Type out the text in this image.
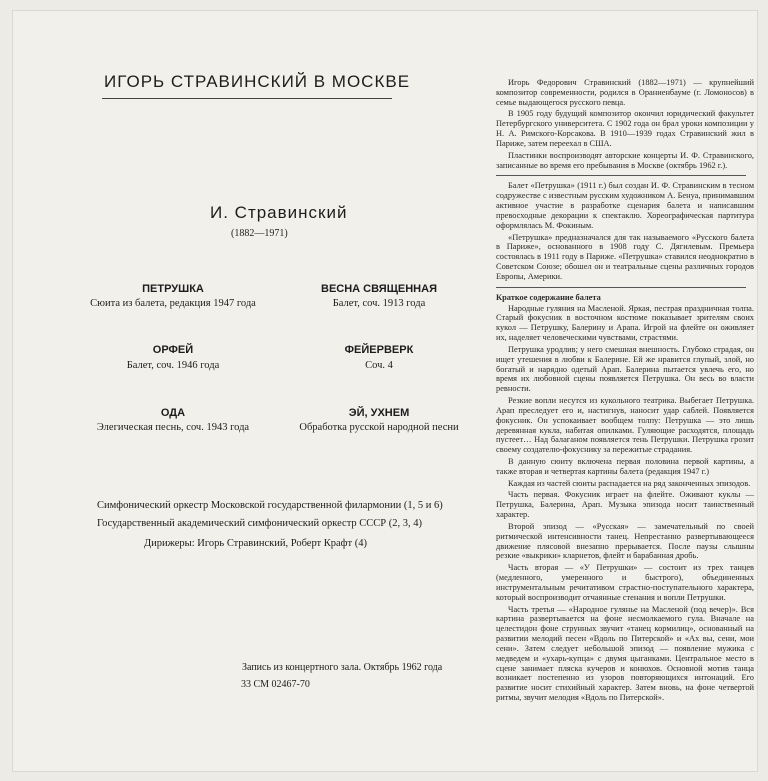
ИГОРЬ СТРАВИНСКИЙ В МОСКВЕ

И. Стравинский

(1882—1971)

ПЕТРУШКА

Сюита из балета, редакция 1947 года

ВЕСНА СВЯЩЕННАЯ

Балет, соч. 1913 года

ОРФЕЙ

Балет, соч. 1946 года

ФЕЙЕРВЕРК

Соч. 4

ОДА

Элегическая песнь, соч. 1943 года

ЭЙ, УХНЕМ

Обработка русской народной песни

Симфонический оркестр Московской государственной филармонии (1, 5 и 6)

Государственный академический симфонический оркестр СССР (2, 3, 4)

Дирижеры: Игорь Стравинский, Роберт Крафт (4)

Запись из концертного зала. Октябрь 1962 года

33 СМ 02467-70

Игорь Федорович Стравинский (1882—1971) — крупнейший композитор современности, родился в Ораниенбауме (г. Ломоносов) в семье выдающегося русского певца.

В 1905 году будущий композитор окончил юридический факультет Петербургского университета. С 1902 года он брал уроки композиции у Н. А. Римского-Корсакова. В 1910—1939 годах Стравинский жил в Париже, затем переехал в США.

Пластинки воспроизводят авторские концерты И. Ф. Стравинского, записанные во время его пребывания в Москве (октябрь 1962 г.).

Балет «Петрушка» (1911 г.) был создан И. Ф. Стравинским в тесном содружестве с известным русским художником А. Бенуа, принимавшим активное участие в разработке сценария балета и написавшим превосходные декорации к спектаклю. Хореографическая партитура оформлялась М. Фокиным.

«Петрушка» предназначался для так называемого «Русского балета в Париже», основанного в 1908 году С. Дягилевым. Премьера состоялась в 1911 году в Париже. «Петрушка» ставился неоднократно в Советском Союзе; обошел он и театральные сцены различных городов Европы, Америки.

Краткое содержание балета

Народные гуляния на Масленой. Яркая, пестрая праздничная толпа. Старый фокусник в восточном костюме показывает зрителям своих кукол — Петрушку, Балерину и Арапа. Игрой на флейте он оживляет их, наделяет человеческими чувствами, страстями.

Петрушка уродлив; у него смешная внешность. Глубоко страдая, он ищет утешения в любви к Балерине. Ей же нравится глупый, злой, но богатый и нарядно одетый Арап. Балерина пытается увлечь его, но время их любовной сцены появляется Петрушка. Он весь во власти ревности.

Резкие вопли несутся из кукольного театрика. Выбегает Петрушка. Арап преследует его и, настигнув, наносит удар саблей. Появляется фокусник. Он успокаивает вообщем толпу: Петрушка — это лишь деревянная кукла, набитая опилками. Гуляющие расходятся, площадь пустеет… Над балаганом появляется тень Петрушки. Петрушка грозит своему создателю-фокуснику за пережитые страдания.

В данную сюиту включена первая половина первой картины, а также вторая и четвертая картины балета (редакция 1947 г.)

Каждая из частей сюиты распадается на ряд законченных эпизодов.

Часть первая. Фокусник играет на флейте. Оживают куклы — Петрушка, Балерина, Арап. Музыка эпизода носит таинственный характер.

Второй эпизод — «Русская» — замечательный по своей ритмической интенсивности танец. Непрестанно развертывающееся движение плясовой внезапно прерывается. После паузы слышны резкие «выкрики» кларнетов, флейт и барабанная дробь.

Часть вторая — «У Петрушки» — состоит из трех танцев (медленного, умеренного и быстрого), объединенных инструментальным речитативом страстно-поступательного характера, который воспроизводит отчаянные стенания и вопли Петрушки.

Часть третья — «Народное гулянье на Масленой (под вечер)». Вся картина развертывается на фоне несмолкаемого гула. Вначале на целестидон фоне струнных звучит «танец кормилиц», основанный на развитии мелодий песен «Вдоль по Питерской» и «Ах вы, сени, мои сени». Затем следует небольшой эпизод — появление мужика с медведем и «ухарь-купца» с двумя цыганками. Центральное место в сцене занимает пляска кучеров и конюхов. Основной мотив танца возникает постепенно из узоров повторяющихся интонаций. Его развитие носит стихийный характер. Затем вновь, на фоне четвертой ритмы, звучит мелодия «Вдоль по Питерской».
